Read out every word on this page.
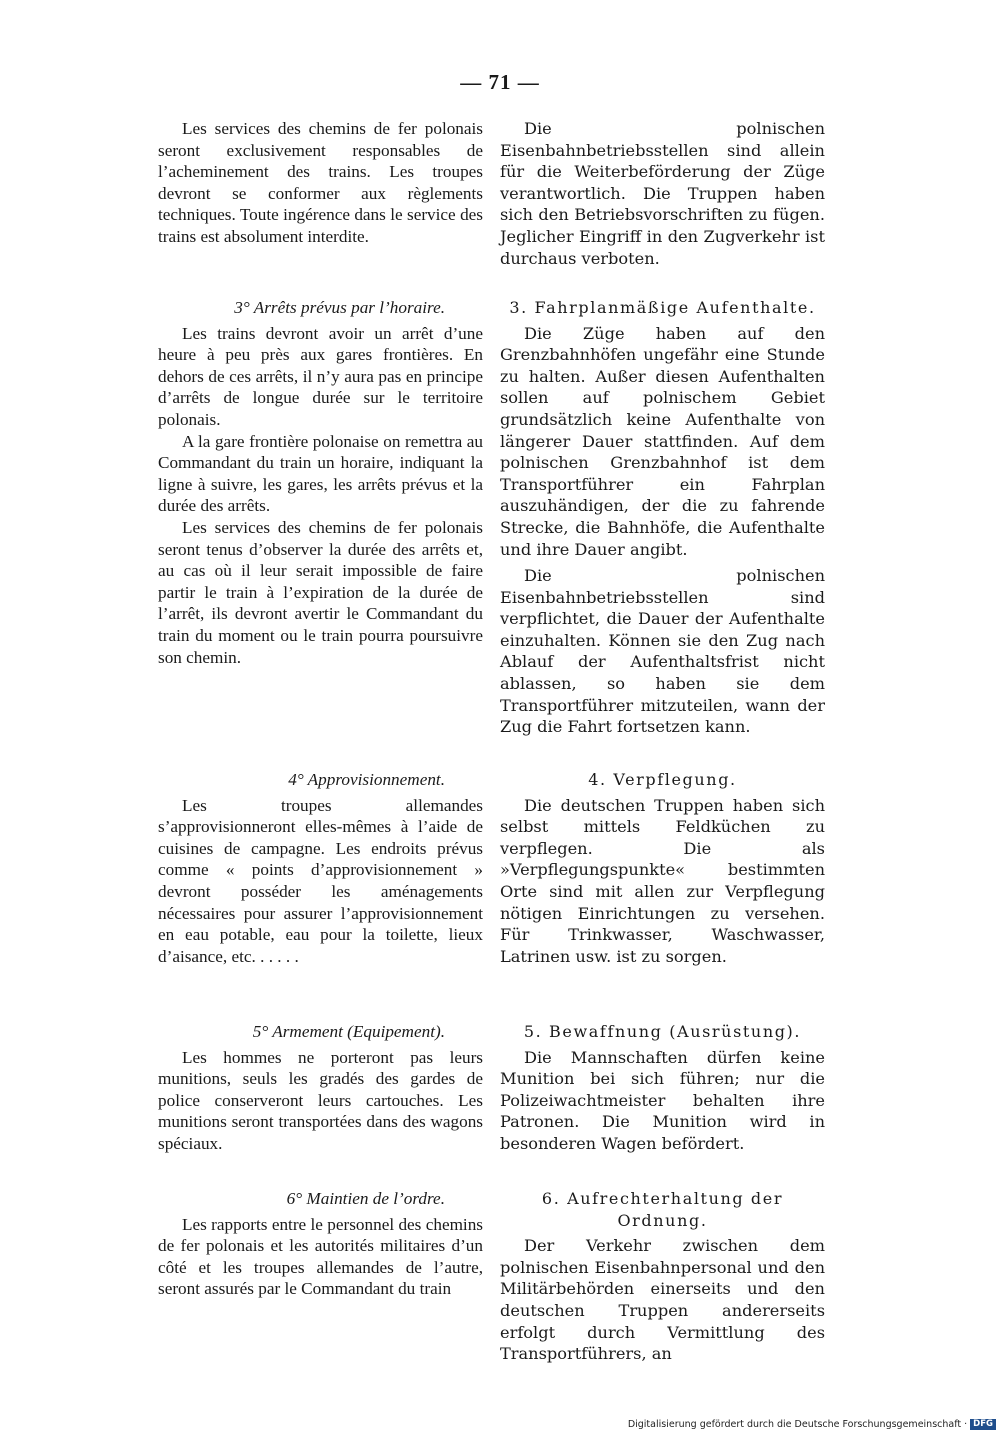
— 71 —

Les services des chemins de fer polonais seront exclusivement responsables de l’acheminement des trains. Les troupes devront se conformer aux règlements techniques. Toute ingérence dans le service des trains est absolument interdite.

3° Arrêts prévus par l’horaire.

Les trains devront avoir un arrêt d’une heure à peu près aux gares frontières. En dehors de ces arrêts, il n’y aura pas en principe d’arrêts de longue durée sur le territoire polonais.

A la gare frontière polonaise on remettra au Commandant du train un horaire, indiquant la ligne à suivre, les gares, les arrêts prévus et la durée des arrêts.

Les services des chemins de fer polonais seront tenus d’observer la durée des arrêts et, au cas où il leur serait impossible de faire partir le train à l’expiration de la durée de l’arrêt, ils devront avertir le Commandant du train du moment ou le train pourra poursuivre son chemin.

4° Approvisionnement.

Les troupes allemandes s’approvisionneront elles-mêmes à l’aide de cuisines de campagne. Les endroits prévus comme « points d’approvisionnement » devront posséder les aménagements nécessaires pour assurer l’approvisionnement en eau potable, eau pour la toilette, lieux d’aisance, etc. . . . . .

5° Armement (Equipement).

Les hommes ne porteront pas leurs munitions, seuls les gradés des gardes de police conserveront leurs cartouches. Les munitions seront transportées dans des wagons spéciaux.

6° Maintien de l’ordre.

Les rapports entre le personnel des chemins de fer polonais et les autorités militaires d’un côté et les troupes allemandes de l’autre, seront assurés par le Commandant du train

Die polnischen Eisenbahnbetriebsstellen sind allein für die Weiterbeförderung der Züge verantwortlich. Die Truppen haben sich den Betriebsvorschriften zu fügen. Jeglicher Eingriff in den Zugverkehr ist durchaus verboten.

3. Fahrplanmäßige Aufenthalte.

Die Züge haben auf den Grenzbahnhöfen ungefähr eine Stunde zu halten. Außer diesen Aufenthalten sollen auf polnischem Gebiet grundsätzlich keine Aufenthalte von längerer Dauer stattfinden. Auf dem polnischen Grenzbahnhof ist dem Transportführer ein Fahrplan auszuhändigen, der die zu fahrende Strecke, die Bahnhöfe, die Aufenthalte und ihre Dauer angibt.

Die polnischen Eisenbahnbetriebsstellen sind verpflichtet, die Dauer der Aufenthalte einzuhalten. Können sie den Zug nach Ablauf der Aufenthaltsfrist nicht ablassen, so haben sie dem Transportführer mitzuteilen, wann der Zug die Fahrt fortsetzen kann.

4. Verpflegung.

Die deutschen Truppen haben sich selbst mittels Feldküchen zu verpflegen. Die als »Verpflegungspunkte« bestimmten Orte sind mit allen zur Verpflegung nötigen Einrichtungen zu versehen. Für Trinkwasser, Waschwasser, Latrinen usw. ist zu sorgen.

5. Bewaffnung (Ausrüstung).

Die Mannschaften dürfen keine Munition bei sich führen; nur die Polizeiwachtmeister behalten ihre Patronen. Die Munition wird in besonderen Wagen befördert.

6. Aufrechterhaltung der Ordnung.

Der Verkehr zwischen dem polnischen Eisenbahnpersonal und den Militärbehörden einerseits und den deutschen Truppen andererseits erfolgt durch Vermittlung des Transportführers, an

Digitalisierung gefördert durch die Deutsche Forschungsgemeinschaft · DFG
